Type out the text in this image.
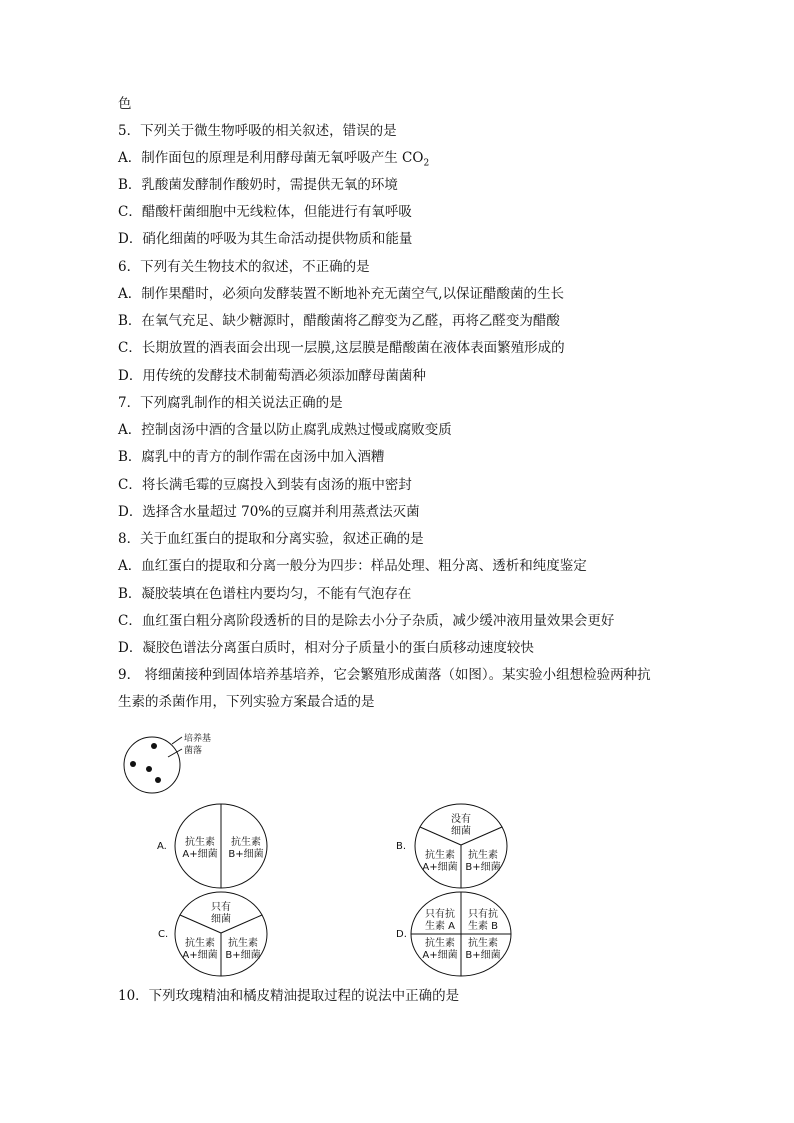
色
5．下列关于微生物呼吸的相关叙述，错误的是
A．制作面包的原理是利用酵母菌无氧呼吸产生 $CO_2$
B．乳酸菌发酵制作酸奶时，需提供无氧的环境
C．醋酸杆菌细胞中无线粒体，但能进行有氧呼吸
D．硝化细菌的呼吸为其生命活动提供物质和能量
6．下列有关生物技术的叙述，不正确的是
A．制作果醋时，必须向发酵装置不断地补充无菌空气,以保证醋酸菌的生长
B．在氧气充足、缺少糖源时，醋酸菌将乙醇变为乙醛，再将乙醛变为醋酸
C．长期放置的酒表面会出现一层膜,这层膜是醋酸菌在液体表面繁殖形成的
D．用传统的发酵技术制葡萄酒必须添加酵母菌菌种
7．下列腐乳制作的相关说法正确的是
A．控制卤汤中酒的含量以防止腐乳成熟过慢或腐败变质
B．腐乳中的青方的制作需在卤汤中加入酒糟
C．将长满毛霉的豆腐投入到装有卤汤的瓶中密封
D．选择含水量超过 70%的豆腐并利用蒸煮法灭菌
8．关于血红蛋白的提取和分离实验，叙述正确的是
A．血红蛋白的提取和分离一般分为四步：样品处理、粗分离、透析和纯度鉴定
B．凝胶装填在色谱柱内要均匀，不能有气泡存在
C．血红蛋白粗分离阶段透析的目的是除去小分子杂质，减少缓冲液用量效果会更好
D．凝胶色谱法分离蛋白质时，相对分子质量小的蛋白质移动速度较快
9． 将细菌接种到固体培养基培养，它会繁殖形成菌落（如图）。某实验小组想检验两种抗
生素的杀菌作用，下列实验方案最合适的是
10．下列玫瑰精油和橘皮精油提取过程的说法中正确的是
培养基
菌落
A. 抗生素
A+细菌
抗生素
B+细菌
B.
没有
细菌
抗生素
A+细菌
抗生素
B+细菌
C.
只有
细菌
抗生素
A+细菌
抗生素
B+细菌
D.
只有抗
生素 A
只有抗
生素 B
抗生素
A+细菌
抗生素
B+细菌
